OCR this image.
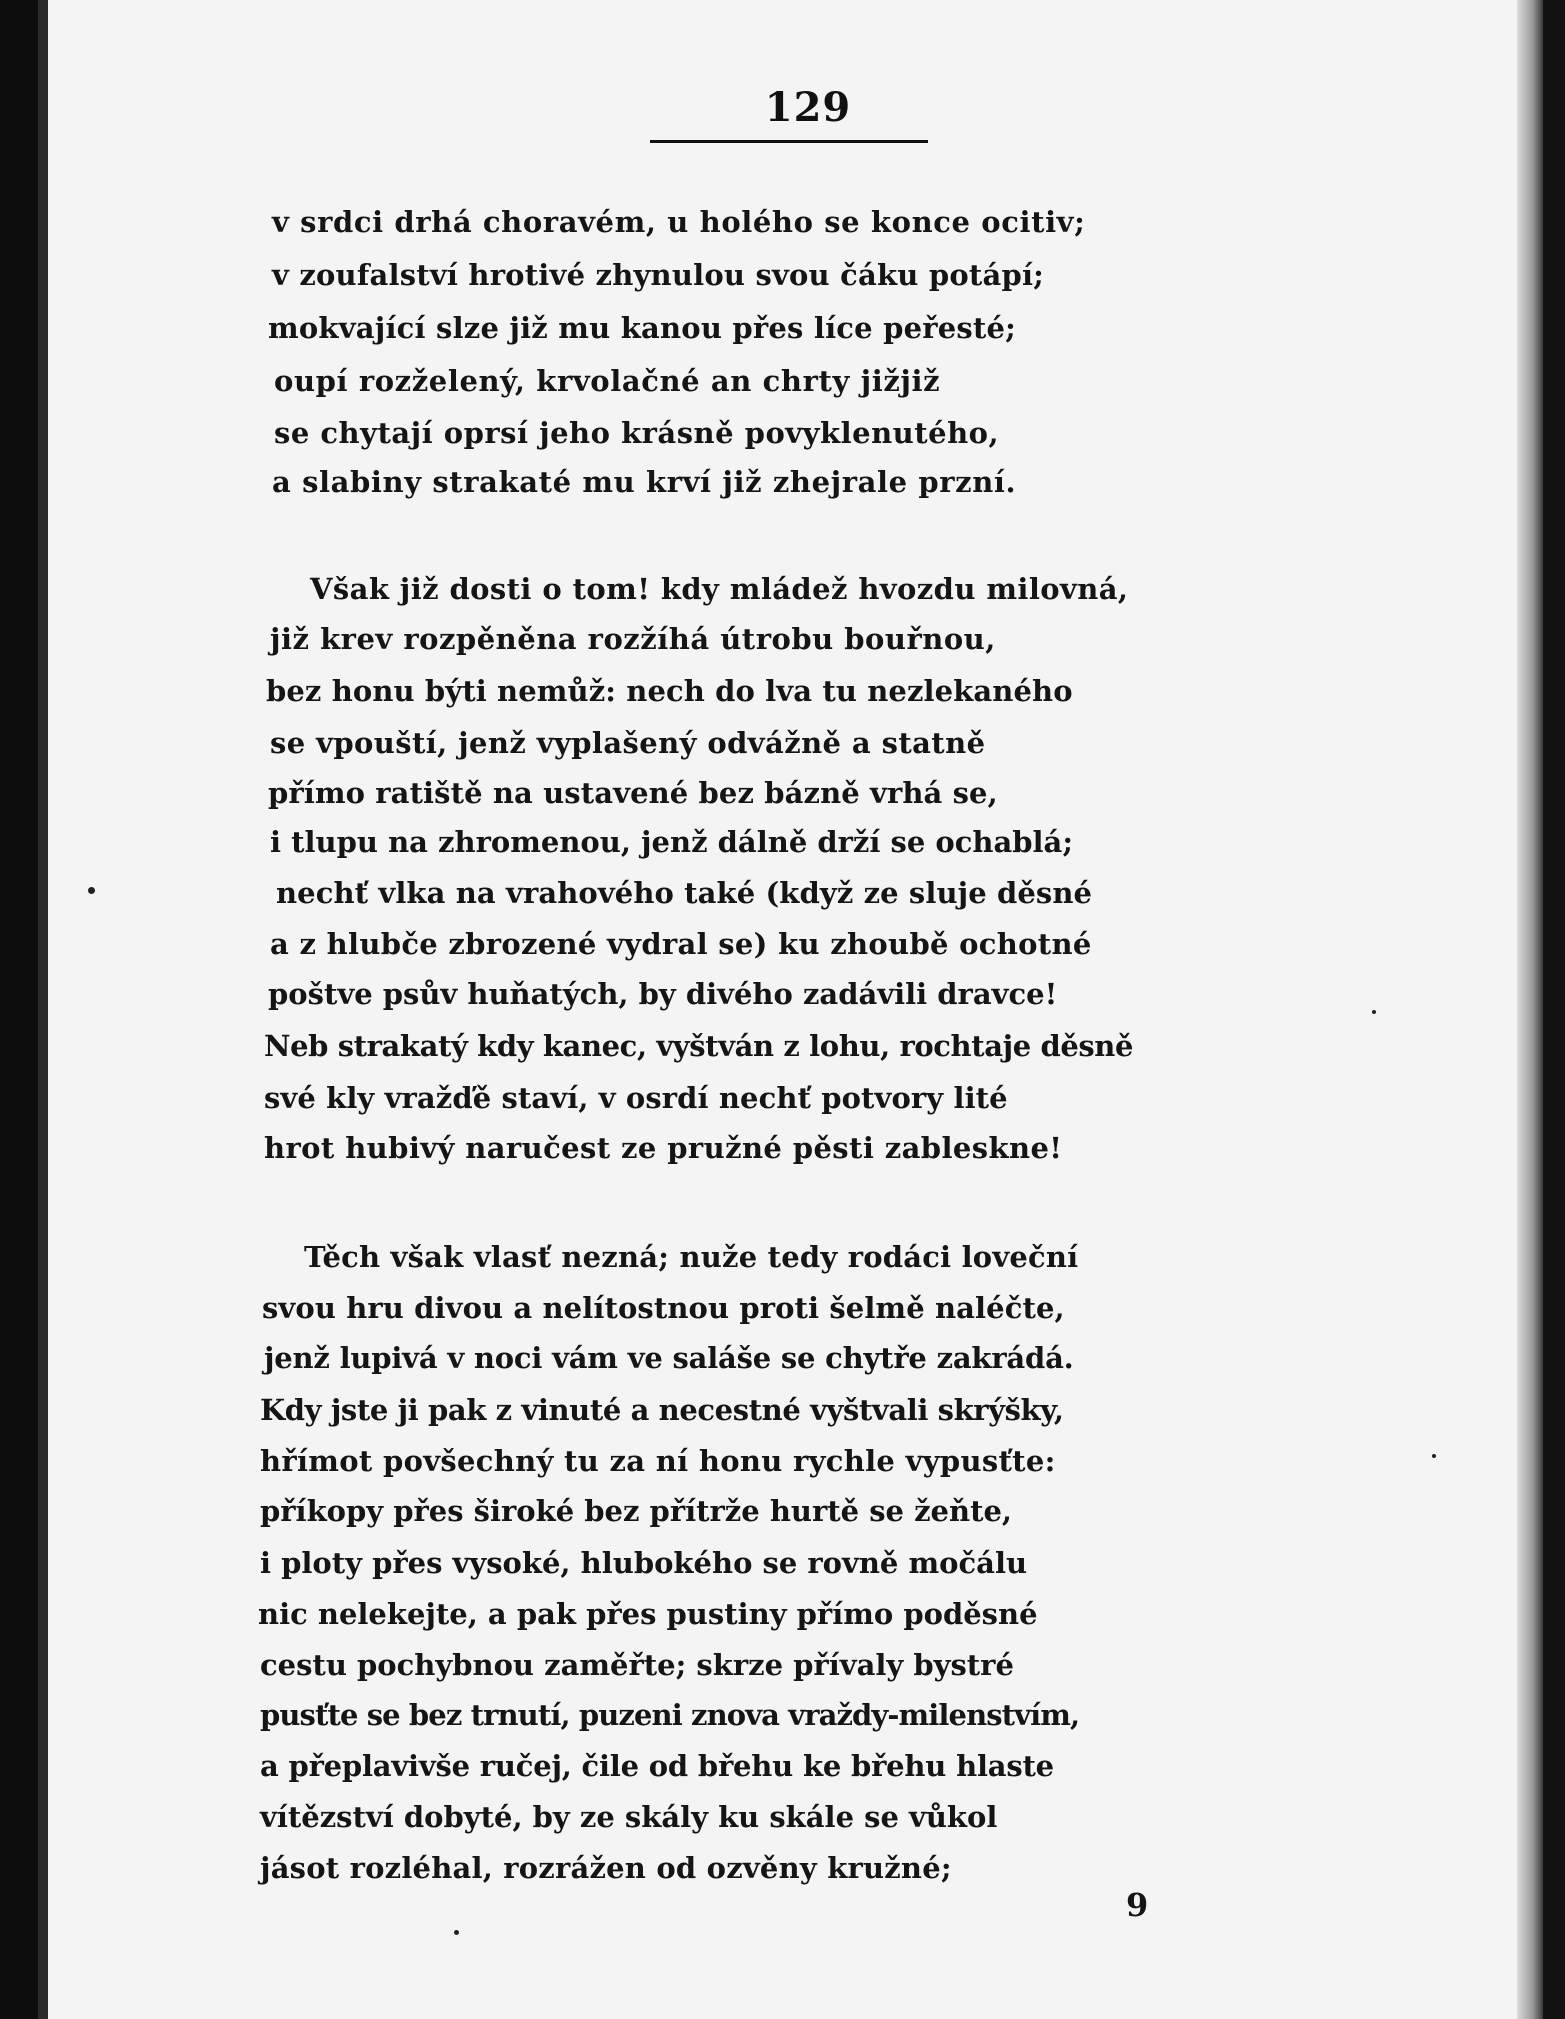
129
v srdci drhá choravém, u holého se konce ocitiv;
v zoufalství hrotivé zhynulou svou čáku potápí;
mokvající slze již mu kanou přes líce peřesté;
oupí rozželený, krvolačné an chrty jižjiž
se chytají oprsí jeho krásně povyklenutého,
a slabiny strakaté mu krví již zhejrale przní.
Však již dosti o tom! kdy mládež hvozdu milovná,
již krev rozpěněna rozžíhá útrobu bouřnou,
bez honu býti nemůž: nech do lva tu nezlekaného
se vpouští, jenž vyplašený odvážně a statně
přímo ratiště na ustavené bez bázně vrhá se,
i tlupu na zhromenou, jenž dálně drží se ochablá;
nechť vlka na vrahového také (když ze sluje děsné
a z hlubče zbrozené vydral se) ku zhoubě ochotné
poštve psův huňatých, by divého zadávili dravce!
Neb strakatý kdy kanec, vyštván z lohu, rochtaje děsně
své kly vražďě staví, v osrdí nechť potvory lité
hrot hubivý naručest ze pružné pěsti zableskne!
Těch však vlasť nezná; nuže tedy rodáci loveční
svou hru divou a nelítostnou proti šelmě naléčte,
jenž lupivá v noci vám ve saláše se chytře zakrádá.
Kdy jste ji pak z vinuté a necestné vyštvali skrýšky,
hřímot povšechný tu za ní honu rychle vypusťte:
příkopy přes široké bez přítrže hurtě se žeňte,
i ploty přes vysoké, hlubokého se rovně močálu
nic nelekejte, a pak přes pustiny přímo poděsné
cestu pochybnou zaměřte; skrze přívaly bystré
pusťte se bez trnutí, puzeni znova vraždy-milenstvím,
a přeplavivše ručej, čile od břehu ke břehu hlaste
vítězství dobyté, by ze skály ku skále se vůkol
jásot rozléhal, rozrážen od ozvěny kružné;
9
